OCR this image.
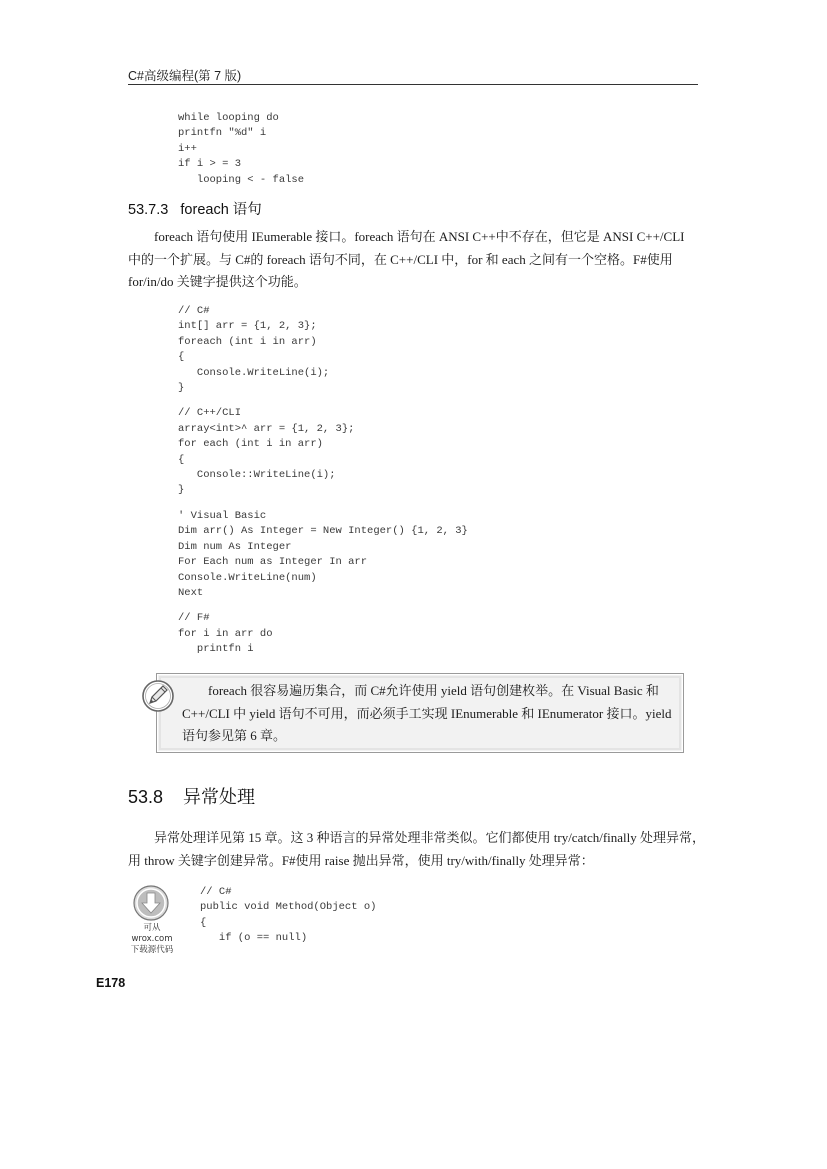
C#高级编程(第 7 版)
while looping do
printfn "%d" i
i++
if i > = 3
looping < - false
53.7.3   foreach 语句
foreach 语句使用 IEumerable 接口。foreach 语句在 ANSI C++中不存在，但它是 ANSI C++/CLI
中的一个扩展。与 C#的 foreach 语句不同，在 C++/CLI 中，for 和 each 之间有一个空格。F#使用
for/in/do 关键字提供这个功能。
// C#
int[] arr = {1, 2, 3};
foreach (int i in arr)
{
Console.WriteLine(i);
}
// C++/CLI
array<int>^ arr = {1, 2, 3};
for each (int i in arr)
{
Console::WriteLine(i);
}
' Visual Basic
Dim arr() As Integer = New Integer() {1, 2, 3}
Dim num As Integer
For Each num as Integer In arr
Console.WriteLine(num)
Next
// F#
for i in arr do
printfn i
foreach 很容易遍历集合，而 C#允许使用 yield 语句创建枚举。在 Visual Basic 和
C++/CLI 中 yield 语句不可用，而必须手工实现 IEnumerable 和 IEnumerator 接口。yield
语句参见第 6 章。
53.8    异常处理
异常处理详见第 15 章。这 3 种语言的异常处理非常类似。它们都使用 try/catch/finally 处理异常，
用 throw 关键字创建异常。F#使用 raise 抛出异常，使用 try/with/finally 处理异常：
可从
wrox.com
下载源代码
// C#
public void Method(Object o)
{
if (o == null)
E178
